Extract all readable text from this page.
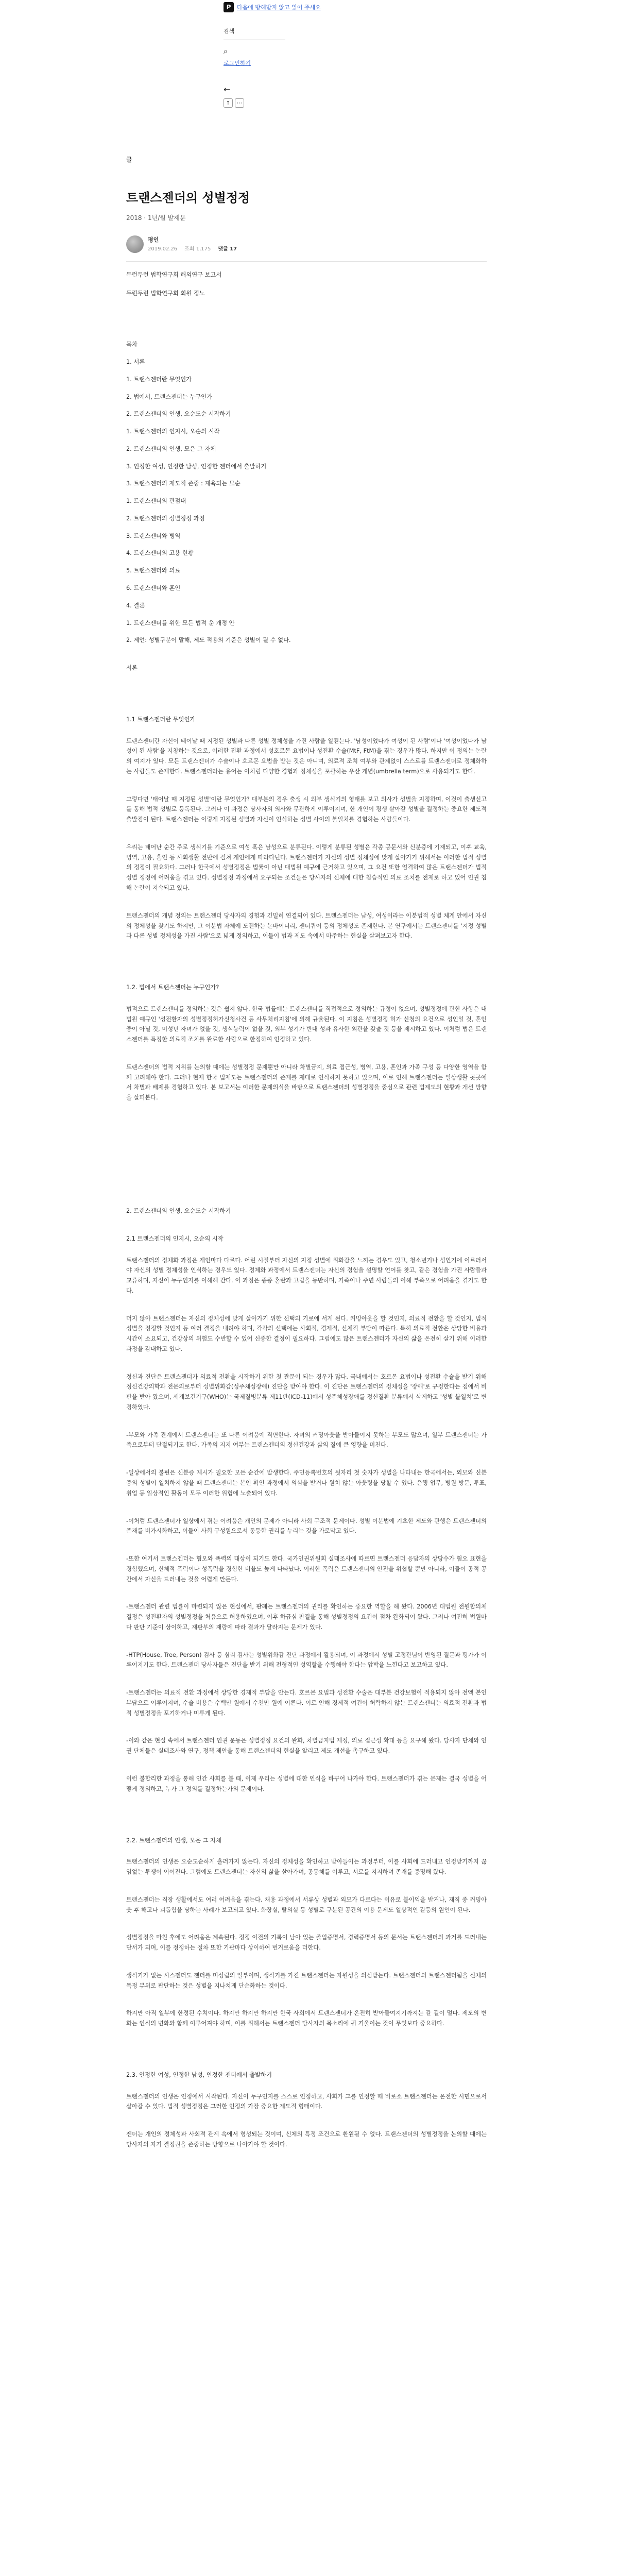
P	다음에 방해받지 않고 읽어 주세요
검색
⌕
로그인하기
←
↑	⋯
글
트랜스젠더의 성별정정
2018 · 1년/월 발제문
평인
2019.02.26 조회 1,175 댓글 17

두런두런 법학연구회 해외연구 보고서

두런두런 법학연구회 회원 정노

목차

1. 서론

1. 트랜스젠더란 무엇인가

2. 법에서, 트랜스젠더는 누구인가

2. 트랜스젠더의 인생, 오순도순 시작하기

1. 트랜스젠더의 인지시, 오순의 시작

2. 트랜스젠더의 인생, 모은 그 자체

3. 인정한 여성, 인정한 남성, 인정한 젠더에서 출발하기

3. 트랜스젠더의 제도적 존중 : 제육되는 모순

1. 트랜스젠더의 관점대

2. 트랜스젠더의 성별정정 과정

3. 트랜스젠더와 병역

4. 트랜스젠더의 고용 현황

5. 트랜스젠더와 의료

6. 트랜스젠더와 혼인

4. 결론

1. 트랜스젠더를 위한 모든 법적 운 개정 안

2. 제언: 성별구분이 말해, 제도 적용의 기준은 성별이 될 수 없다.

서론

1.1 트랜스젠더란 무엇인가

트랜스젠더란 자신이 태어날 때 지정된 성별과 다른 성별 정체성을 가진 사람을 일컫는다. '남성이었다가 여성이 된 사람'이나 '여성이었다가 남성이 된 사람'을 지칭하는 것으로, 이러한 전환 과정에서 성호르몬 요법이나 성전환 수술(MtF, FtM)을 겪는 경우가 많다. 하지만 이 정의는 논란의 여지가 있다. 모든 트랜스젠더가 수술이나 호르몬 요법을 받는 것은 아니며, 의료적 조치 여부와 관계없이 스스로를 트랜스젠더로 정체화하는 사람들도 존재한다. 트랜스젠더라는 용어는 이처럼 다양한 경험과 정체성을 포괄하는 우산 개념(umbrella term)으로 사용되기도 한다.

그렇다면 '태어날 때 지정된 성별'이란 무엇인가? 대부분의 경우 출생 시 외부 생식기의 형태를 보고 의사가 성별을 지정하며, 이것이 출생신고를 통해 법적 성별로 등록된다. 그러나 이 과정은 당사자의 의사와 무관하게 이루어지며, 한 개인이 평생 살아갈 성별을 결정하는 중요한 제도적 출발점이 된다. 트랜스젠더는 이렇게 지정된 성별과 자신이 인식하는 성별 사이의 불일치를 경험하는 사람들이다.

우리는 태어난 순간 주로 생식기를 기준으로 여성 혹은 남성으로 분류된다. 이렇게 분류된 성별은 각종 공문서와 신분증에 기재되고, 이후 교육, 병역, 고용, 혼인 등 사회생활 전반에 걸쳐 개인에게 따라다닌다. 트랜스젠더가 자신의 성별 정체성에 맞게 살아가기 위해서는 이러한 법적 성별의 정정이 필요하다. 그러나 한국에서 성별정정은 법률이 아닌 대법원 예규에 근거하고 있으며, 그 요건 또한 엄격하여 많은 트랜스젠더가 법적 성별 정정에 어려움을 겪고 있다. 성별정정 과정에서 요구되는 조건들은 당사자의 신체에 대한 침습적인 의료 조치를 전제로 하고 있어 인권 침해 논란이 지속되고 있다.

트랜스젠더의 개념 정의는 트랜스젠더 당사자의 경험과 긴밀히 연결되어 있다. 트랜스젠더는 남성, 여성이라는 이분법적 성별 체계 안에서 자신의 정체성을 찾기도 하지만, 그 이분법 자체에 도전하는 논바이너리, 젠더퀴어 등의 정체성도 존재한다. 본 연구에서는 트랜스젠더를 '지정 성별과 다른 성별 정체성을 가진 사람'으로 넓게 정의하고, 이들이 법과 제도 속에서 마주하는 현실을 살펴보고자 한다.

1.2. 법에서 트랜스젠더는 누구인가?

법적으로 트랜스젠더를 정의하는 것은 쉽지 않다. 한국 법률에는 트랜스젠더를 직접적으로 정의하는 규정이 없으며, 성별정정에 관한 사항은 대법원 예규인 '성전환자의 성별정정허가신청사건 등 사무처리지침'에 의해 규율된다. 이 지침은 성별정정 허가 신청의 요건으로 성인일 것, 혼인 중이 아닐 것, 미성년 자녀가 없을 것, 생식능력이 없을 것, 외부 성기가 반대 성과 유사한 외관을 갖출 것 등을 제시하고 있다. 이처럼 법은 트랜스젠더를 특정한 의료적 조치를 완료한 사람으로 한정하여 인정하고 있다.

트랜스젠더의 법적 지위를 논의할 때에는 성별정정 문제뿐만 아니라 차별금지, 의료 접근성, 병역, 고용, 혼인과 가족 구성 등 다양한 영역을 함께 고려해야 한다. 그러나 현재 한국 법제도는 트랜스젠더의 존재를 제대로 인식하지 못하고 있으며, 이로 인해 트랜스젠더는 일상생활 곳곳에서 차별과 배제를 경험하고 있다. 본 보고서는 이러한 문제의식을 바탕으로 트랜스젠더의 성별정정을 중심으로 관련 법제도의 현황과 개선 방향을 살펴본다.

2. 트랜스젠더의 인생, 오순도순 시작하기

2.1 트랜스젠더의 인지시, 오순의 시작

트랜스젠더의 정체화 과정은 개인마다 다르다. 어린 시절부터 자신의 지정 성별에 위화감을 느끼는 경우도 있고, 청소년기나 성인기에 이르러서야 자신의 성별 정체성을 인식하는 경우도 있다. 정체화 과정에서 트랜스젠더는 자신의 경험을 설명할 언어를 찾고, 같은 경험을 가진 사람들과 교류하며, 자신이 누구인지를 이해해 간다. 이 과정은 종종 혼란과 고립을 동반하며, 가족이나 주변 사람들의 이해 부족으로 어려움을 겪기도 한다.

머지 않아 트랜스젠더는 자신의 정체성에 맞게 살아가기 위한 선택의 기로에 서게 된다. 커밍아웃을 할 것인지, 의료적 전환을 할 것인지, 법적 성별을 정정할 것인지 등 여러 결정을 내려야 하며, 각각의 선택에는 사회적, 경제적, 신체적 부담이 따른다. 특히 의료적 전환은 상당한 비용과 시간이 소요되고, 건강상의 위험도 수반할 수 있어 신중한 결정이 필요하다. 그럼에도 많은 트랜스젠더가 자신의 삶을 온전히 살기 위해 이러한 과정을 감내하고 있다.

정신과 진단은 트랜스젠더가 의료적 전환을 시작하기 위한 첫 관문이 되는 경우가 많다. 국내에서는 호르몬 요법이나 성전환 수술을 받기 위해 정신건강의학과 전문의로부터 성별위화감(성주체성장애) 진단을 받아야 한다. 이 진단은 트랜스젠더의 정체성을 '장애'로 규정한다는 점에서 비판을 받아 왔으며, 세계보건기구(WHO)는 국제질병분류 제11판(ICD-11)에서 성주체성장애를 정신질환 분류에서 삭제하고 '성별 불일치'로 변경하였다.

-부모와 가족 관계에서 트랜스젠더는 또 다른 어려움에 직면한다. 자녀의 커밍아웃을 받아들이지 못하는 부모도 많으며, 일부 트랜스젠더는 가족으로부터 단절되기도 한다. 가족의 지지 여부는 트랜스젠더의 정신건강과 삶의 질에 큰 영향을 미친다.

-일상에서의 불편은 신분증 제시가 필요한 모든 순간에 발생한다. 주민등록번호의 뒷자리 첫 숫자가 성별을 나타내는 한국에서는, 외모와 신분증의 성별이 일치하지 않을 때 트랜스젠더는 본인 확인 과정에서 의심을 받거나 원치 않는 아웃팅을 당할 수 있다. 은행 업무, 병원 방문, 투표, 취업 등 일상적인 활동이 모두 이러한 위험에 노출되어 있다.

-이처럼 트랜스젠더가 일상에서 겪는 어려움은 개인의 문제가 아니라 사회 구조적 문제이다. 성별 이분법에 기초한 제도와 관행은 트랜스젠더의 존재를 비가시화하고, 이들이 사회 구성원으로서 동등한 권리를 누리는 것을 가로막고 있다.

-또한 여기서 트랜스젠더는 혐오와 폭력의 대상이 되기도 한다. 국가인권위원회 실태조사에 따르면 트랜스젠더 응답자의 상당수가 혐오 표현을 경험했으며, 신체적 폭력이나 성폭력을 경험한 비율도 높게 나타났다. 이러한 폭력은 트랜스젠더의 안전을 위협할 뿐만 아니라, 이들이 공적 공간에서 자신을 드러내는 것을 어렵게 만든다.

-트랜스젠더 관련 법률이 마련되지 않은 현실에서, 판례는 트랜스젠더의 권리를 확인하는 중요한 역할을 해 왔다. 2006년 대법원 전원합의체 결정은 성전환자의 성별정정을 처음으로 허용하였으며, 이후 하급심 판결을 통해 성별정정의 요건이 점차 완화되어 왔다. 그러나 여전히 법원마다 판단 기준이 상이하고, 재판부의 재량에 따라 결과가 달라지는 문제가 있다.

-HTP(House, Tree, Person) 검사 등 심리 검사는 성별위화감 진단 과정에서 활용되며, 이 과정에서 성별 고정관념이 반영된 질문과 평가가 이루어지기도 한다. 트랜스젠더 당사자들은 진단을 받기 위해 전형적인 성역할을 수행해야 한다는 압박을 느낀다고 보고하고 있다.

-트랜스젠더는 의료적 전환 과정에서 상당한 경제적 부담을 안는다. 호르몬 요법과 성전환 수술은 대부분 건강보험이 적용되지 않아 전액 본인 부담으로 이루어지며, 수술 비용은 수백만 원에서 수천만 원에 이른다. 이로 인해 경제적 여건이 허락하지 않는 트랜스젠더는 의료적 전환과 법적 성별정정을 포기하거나 미루게 된다.

-이와 같은 현실 속에서 트랜스젠더 인권 운동은 성별정정 요건의 완화, 차별금지법 제정, 의료 접근성 확대 등을 요구해 왔다. 당사자 단체와 인권 단체들은 실태조사와 연구, 정책 제안을 통해 트랜스젠더의 현실을 알리고 제도 개선을 촉구하고 있다.

이런 불합리한 과정을 통해 인간 사회를 볼 때, 이제 우리는 성별에 대한 인식을 바꾸어 나가야 한다. 트랜스젠더가 겪는 문제는 결국 성별을 어떻게 정의하고, 누가 그 정의를 결정하는가의 문제이다.

2.2. 트랜스젠더의 인생, 모은 그 자체

트랜스젠더의 인생은 오순도순하게 흘러가지 않는다. 자신의 정체성을 확인하고 받아들이는 과정부터, 이를 사회에 드러내고 인정받기까지 끊임없는 투쟁이 이어진다. 그럼에도 트랜스젠더는 자신의 삶을 살아가며, 공동체를 이루고, 서로를 지지하며 존재를 증명해 왔다.

트랜스젠더는 직장 생활에서도 여러 어려움을 겪는다. 채용 과정에서 서류상 성별과 외모가 다르다는 이유로 불이익을 받거나, 재직 중 커밍아웃 후 해고나 괴롭힘을 당하는 사례가 보고되고 있다. 화장실, 탈의실 등 성별로 구분된 공간의 이용 문제도 일상적인 갈등의 원인이 된다.

성별정정을 마친 후에도 어려움은 계속된다. 정정 이전의 기록이 남아 있는 졸업증명서, 경력증명서 등의 문서는 트랜스젠더의 과거를 드러내는 단서가 되며, 이를 정정하는 절차 또한 기관마다 상이하여 번거로움을 더한다.

생식기가 없는 시스젠더도 젠더를 미성립의 일부이며, 생식기를 가진 트랜스젠더는 자원성을 의심받는다. 트랜스젠더의 트랜스젠더됨을 신체의 특정 부위로 판단하는 것은 성별을 지나치게 단순화하는 것이다.

하지만 아직 일부에 한정된 수치이다. 하지만 하지만 하지만 한국 사회에서 트랜스젠더가 온전히 받아들여지기까지는 갈 길이 멀다. 제도의 변화는 인식의 변화와 함께 이루어져야 하며, 이를 위해서는 트랜스젠더 당사자의 목소리에 귀 기울이는 것이 무엇보다 중요하다.

2.3. 인정한 여성, 인정한 남성, 인정한 젠더에서 출발하기

트랜스젠더의 인생은 인정에서 시작된다. 자신이 누구인지를 스스로 인정하고, 사회가 그를 인정할 때 비로소 트랜스젠더는 온전한 시민으로서 살아갈 수 있다. 법적 성별정정은 그러한 인정의 가장 중요한 제도적 형태이다.

젠더는 개인의 정체성과 사회적 관계 속에서 형성되는 것이며, 신체의 특정 조건으로 환원될 수 없다. 트랜스젠더의 성별정정을 논의할 때에는 당사자의 자기 결정권을 존중하는 방향으로 나아가야 할 것이다.
